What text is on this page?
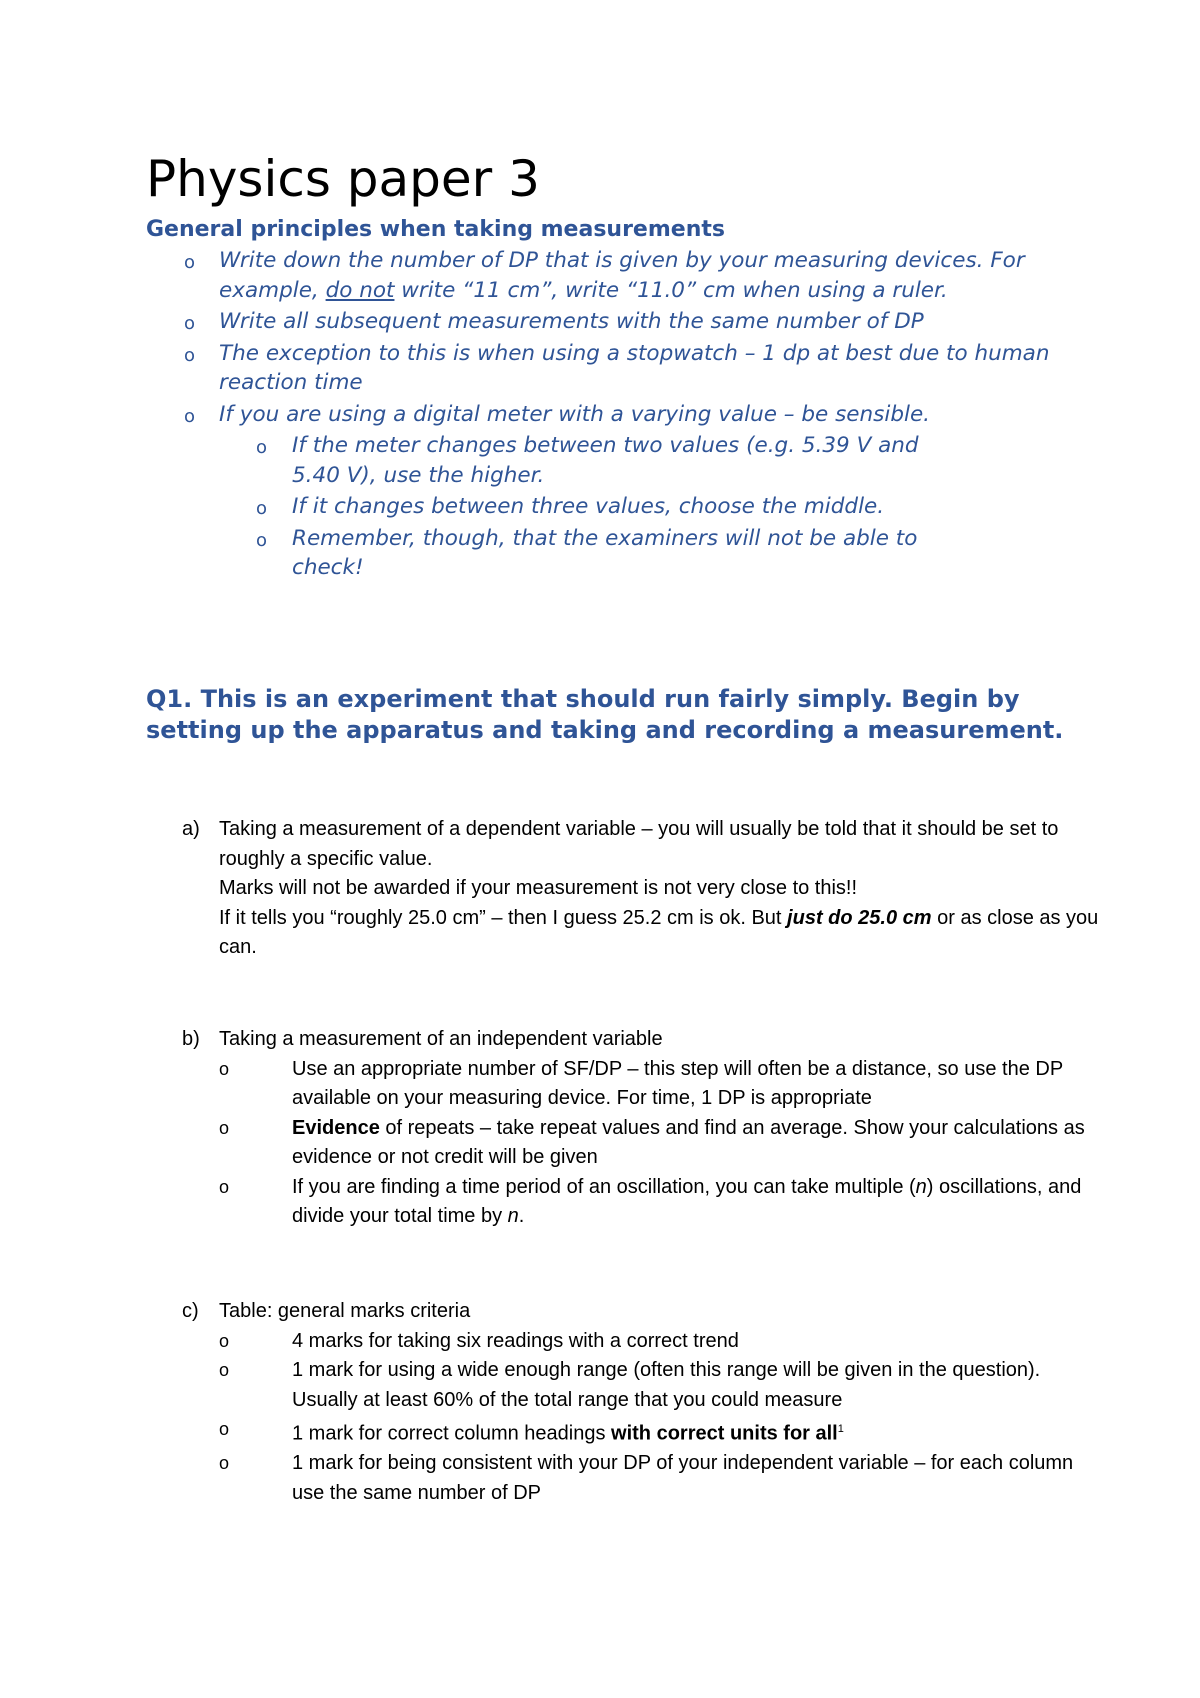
Physics paper 3
General principles when taking measurements
o Write down the number of DP that is given by your measuring devices. For example, do not write “11 cm”, write “11.0” cm when using a ruler.
o Write all subsequent measurements with the same number of DP
o The exception to this is when using a stopwatch – 1 dp at best due to human reaction time
o If you are using a digital meter with a varying value – be sensible.
o If the meter changes between two values (e.g. 5.39 V and 5.40 V), use the higher.
o If it changes between three values, choose the middle.
o Remember, though, that the examiners will not be able to check!
Q1. This is an experiment that should run fairly simply. Begin by setting up the apparatus and taking and recording a measurement.
a) Taking a measurement of a dependent variable – you will usually be told that it should be set to roughly a specific value.
Marks will not be awarded if your measurement is not very close to this!!
If it tells you “roughly 25.0 cm” – then I guess 25.2 cm is ok. But just do 25.0 cm or as close as you can.
b) Taking a measurement of an independent variable
o	Use an appropriate number of SF/DP – this step will often be a distance, so use the DP available on your measuring device. For time, 1 DP is appropriate
o	Evidence of repeats – take repeat values and find an average. Show your calculations as evidence or not credit will be given
o	If you are finding a time period of an oscillation, you can take multiple (n) oscillations, and divide your total time by n.
c) Table: general marks criteria
o	4 marks for taking six readings with a correct trend
o	1 mark for using a wide enough range (often this range will be given in the question). Usually at least 60% of the total range that you could measure
o	1 mark for correct column headings with correct units for all$^1$
o	1 mark for being consistent with your DP of your independent variable – for each column use the same number of DP
